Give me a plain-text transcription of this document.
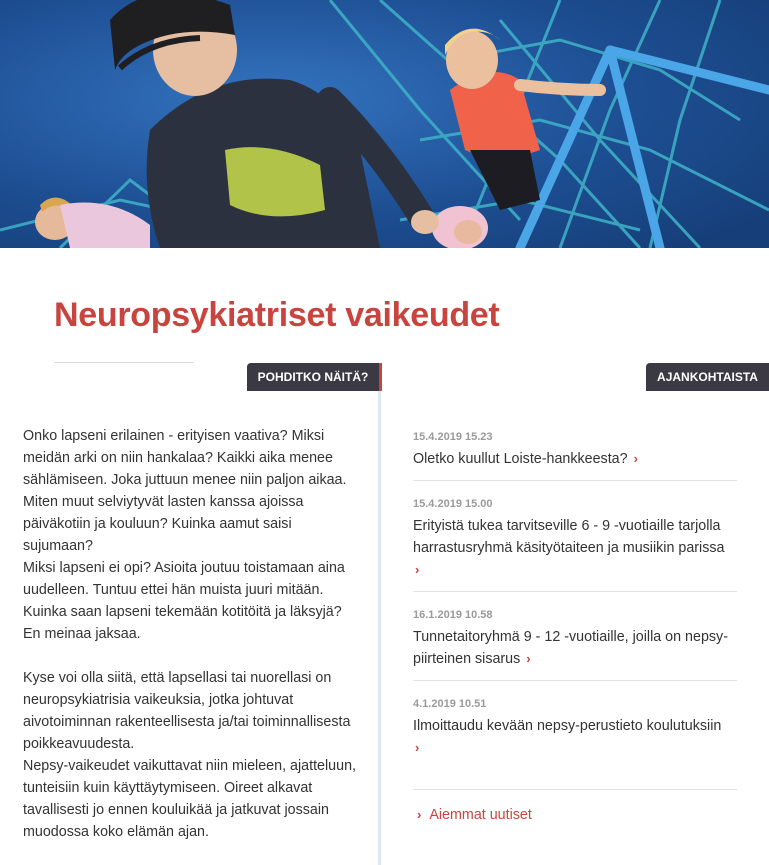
Neuropsykiatriset vaikeudet
POHDITKO NÄITÄ?	AJANKOHTAISTA

Onko lapseni erilainen - erityisen vaativa? Miksi meidän arki on niin hankalaa? Kaikki aika menee sählämiseen. Joka juttuun menee niin paljon aikaa. Miten muut selviytyvät lasten kanssa ajoissa päiväkotiin ja kouluun? Kuinka aamut saisi sujumaan?

Miksi lapseni ei opi? Asioita joutuu toistamaan aina uudelleen. Tuntuu ettei hän muista juuri mitään. Kuinka saan lapseni tekemään kotitöitä ja läksyjä? En meinaa jaksaa.

Kyse voi olla siitä, että lapsellasi tai nuorellasi on neuropsykiatrisia vaikeuksia, jotka johtuvat aivotoiminnan rakenteellisesta ja/tai toiminnallisesta poikkeavuudesta.

Nepsy-vaikeudet vaikuttavat niin mieleen, ajatteluun, tunteisiin kuin käyttäytymiseen. Oireet alkavat tavallisesti jo ennen kouluikää ja jatkuvat jossain muodossa koko elämän ajan.

15.4.2019 15.23
Oletko kuullut Loiste-hankkeesta? ›
15.4.2019 15.00
Erityistä tukea tarvitseville 6 - 9 -vuotiaille tarjolla harrastusryhmä käsityötaiteen ja musiikin parissa
›
16.1.2019 10.58
Tunnetaitoryhmä 9 - 12 -vuotiaille, joilla on nepsy-piirteinen sisarus ›
4.1.2019 10.51
Ilmoittaudu kevään nepsy-perustieto koulutuksiin
›
› Aiemmat uutiset
